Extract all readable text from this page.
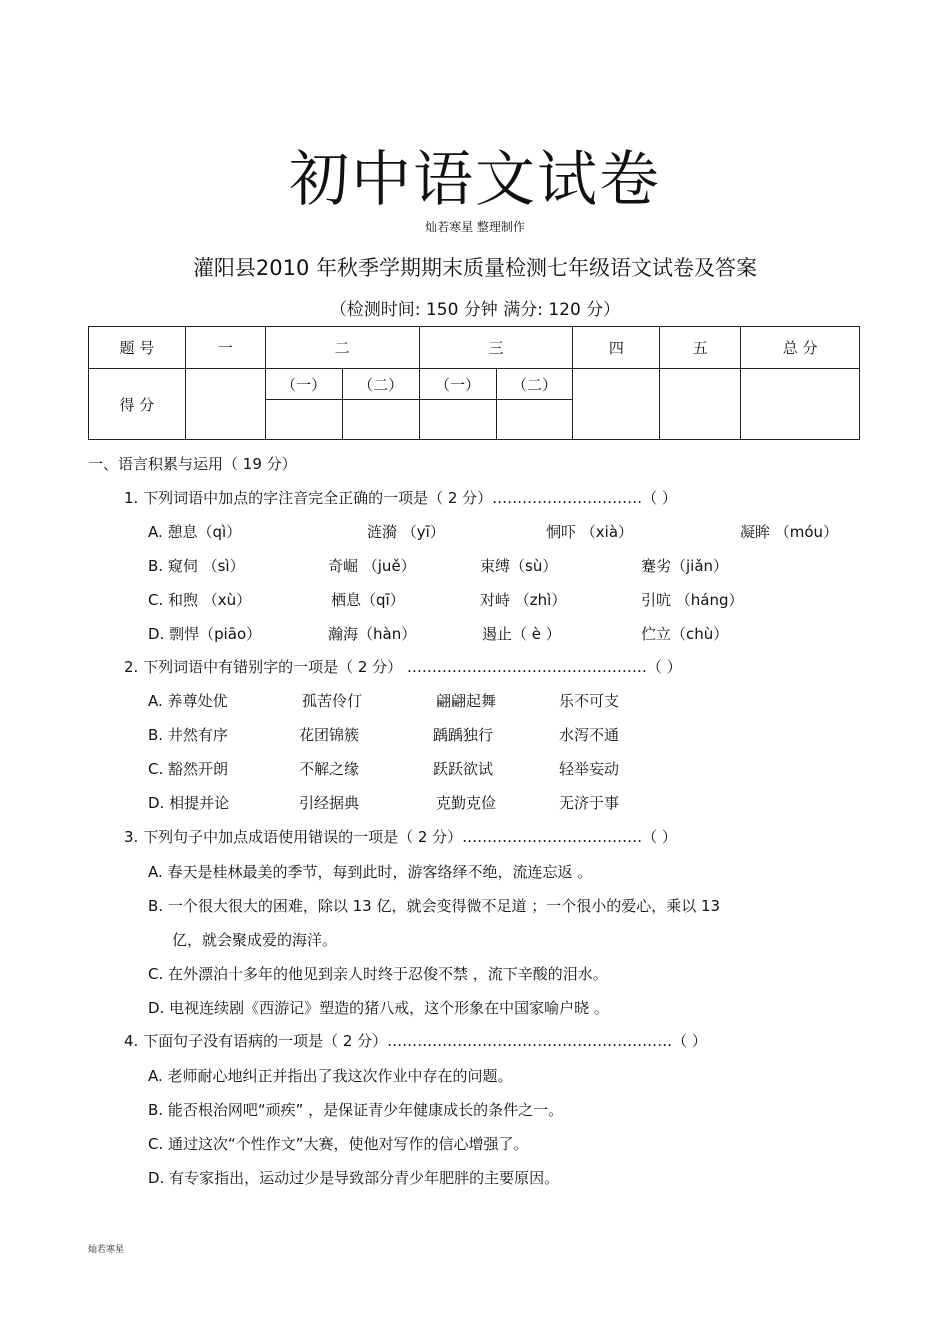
初中语文试卷
灿若寒星 整理制作
灌阳县2010 年秋季学期期末质量检测七年级语文试卷及答案
（检测时间: 150 分钟 满分: 120 分）
题 号	一	二		三		四	五	总 分
得 分		（一）	（二）	（一）	（二）			

一、语言积累与运用（ 19 分）
1. 下列词语中加点的字注音完全正确的一项是（ 2 分）…………………………（ ）
A. 憩息（qì）	涟漪 （yī）	恫吓 （xià）	凝眸 （móu）
B. 窥伺 （sì）	奇崛 （juě）	束缚（sù）	蹇劣（jiǎn）
C. 和煦 （xù）	栖息（qī）	对峙 （zhì）	引吭 （háng）
D. 剽悍（piāo）	瀚海（hàn）	遏止（ è ）	伫立（chù）
2. 下列词语中有错别字的一项是（ 2 分） …………………………………………（ ）
A. 养尊处优	孤苦伶仃	翩翩起舞	乐不可支
B. 井然有序	花团锦簇	踽踽独行	水泻不通
C. 豁然开朗	不解之缘	跃跃欲试	轻举妄动
D. 相提并论	引经据典	克勤克俭	无济于事
3. 下列句子中加点成语使用错误的一项是（ 2 分）………………………………（ ）
A. 春天是桂林最美的季节，每到此时，游客络绎不绝，流连忘返 。
B. 一个很大很大的困难，除以 13 亿，就会变得微不足道 ；一个很小的爱心，乘以 13
亿，就会聚成爱的海洋。
C. 在外漂泊十多年的他见到亲人时终于忍俊不禁 ，流下辛酸的泪水。
D. 电视连续剧《西游记》塑造的猪八戒，这个形象在中国家喻户晓 。
4. 下面句子没有语病的一项是（ 2 分）…………………………………………………（ ）
A. 老师耐心地纠正并指出了我这次作业中存在的问题。
B. 能否根治网吧“顽疾” ，是保证青少年健康成长的条件之一。
C. 通过这次“个性作文”大赛，使他对写作的信心增强了。
D. 有专家指出，运动过少是导致部分青少年肥胖的主要原因。
灿若寒星
